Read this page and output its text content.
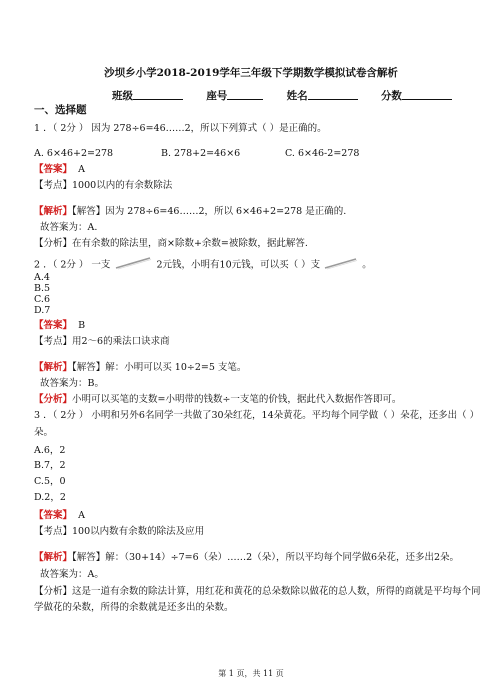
沙坝乡小学2018-2019学年三年级下学期数学模拟试卷含解析
班级	座号	姓名	分数
一、选择题
1 ．（ 2分 ） 因为 278÷6=46……2，所以下列算式（ ）是正确的。
A. 6×46+2=278	B. 278+2=46×6	C. 6×46-2=278
【答案】 A
【考点】1000以内的有余数除法
【解析】【解答】因为 278÷6=46……2，所以 6×46+2=278 是正确的.
故答案为：A.
【分析】在有余数的除法里，商×除数+余数=被除数，据此解答.
2 ．（ 2分 ） 一支	2元钱，小明有10元钱，可以买（ ）支	。
A.4
B.5
C.6
D.7
【答案】 B
【考点】用2～6的乘法口诀求商
【解析】【解答】解：小明可以买 10÷2=5 支笔。
故答案为：B。
【分析】小明可以买笔的支数=小明带的钱数÷一支笔的价钱，据此代入数据作答即可。
3 ．（ 2分 ） 小明和另外6名同学一共做了30朵红花，14朵黄花。平均每个同学做（ ）朵花，还多出（ ）
朵。
A.6，2
B.7，2
C.5，0
D.2，2
【答案】 A
【考点】100以内数有余数的除法及应用
【解析】【解答】解：（30+14）÷7=6（朵）……2（朵），所以平均每个同学做6朵花，还多出2朵。
故答案为：A。
【分析】这是一道有余数的除法计算，用红花和黄花的总朵数除以做花的总人数，所得的商就是平均每个同
学做花的朵数，所得的余数就是还多出的朵数。
第 1 页，共 11 页
